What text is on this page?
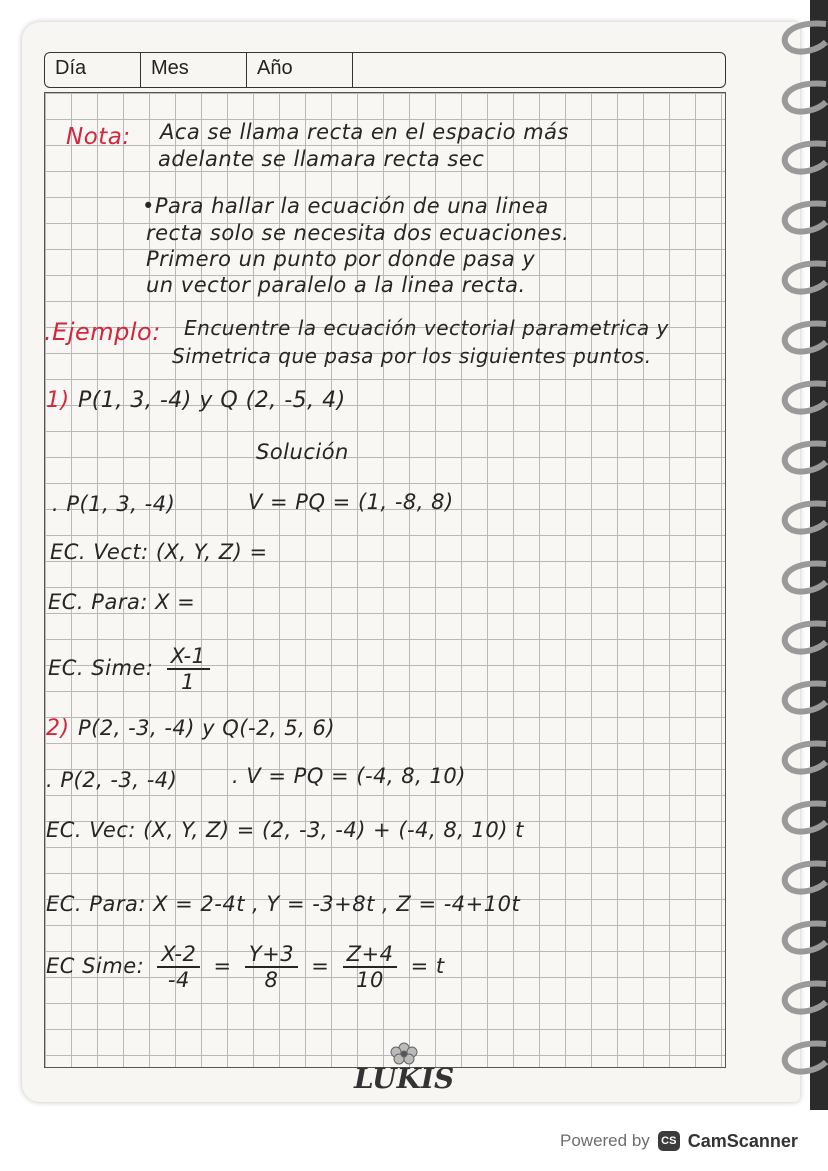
Día	Mes	Año
Nota: Aca se llama recta en el espacio más
adelante se llamara recta sec
•Para hallar la ecuación de una linea
recta solo se necesita dos ecuaciones.
Primero un punto por donde pasa y
un vector paralelo a la linea recta.
.Ejemplo: Encuentre la ecuación vectorial parametrica y
Simetrica que pasa por los siguientes puntos.
1) P(1, 3, -4) y Q (2, -5, 4)
Solución
. P(1, 3, -4)	V = PQ = (1, -8, 8)
EC. Vect: (X, Y, Z) =
EC. Para: X =
EC. Sime: $\frac{X-1}{1}$
2) P(2, -3, -4) y Q(-2, 5, 6)
. P(2, -3, -4)	. V = PQ = (-4, 8, 10)
EC. Vec: (X, Y, Z) = (2, -3, -4) + (-4, 8, 10) t
EC. Para: X = 2-4t , Y = -3+8t , Z = -4+10t
EC Sime: $\frac{X-2}{-4} = \frac{Y+3}{8} = \frac{Z+4}{10} = t$
LUKIS
Powered by	CS CamScanner
